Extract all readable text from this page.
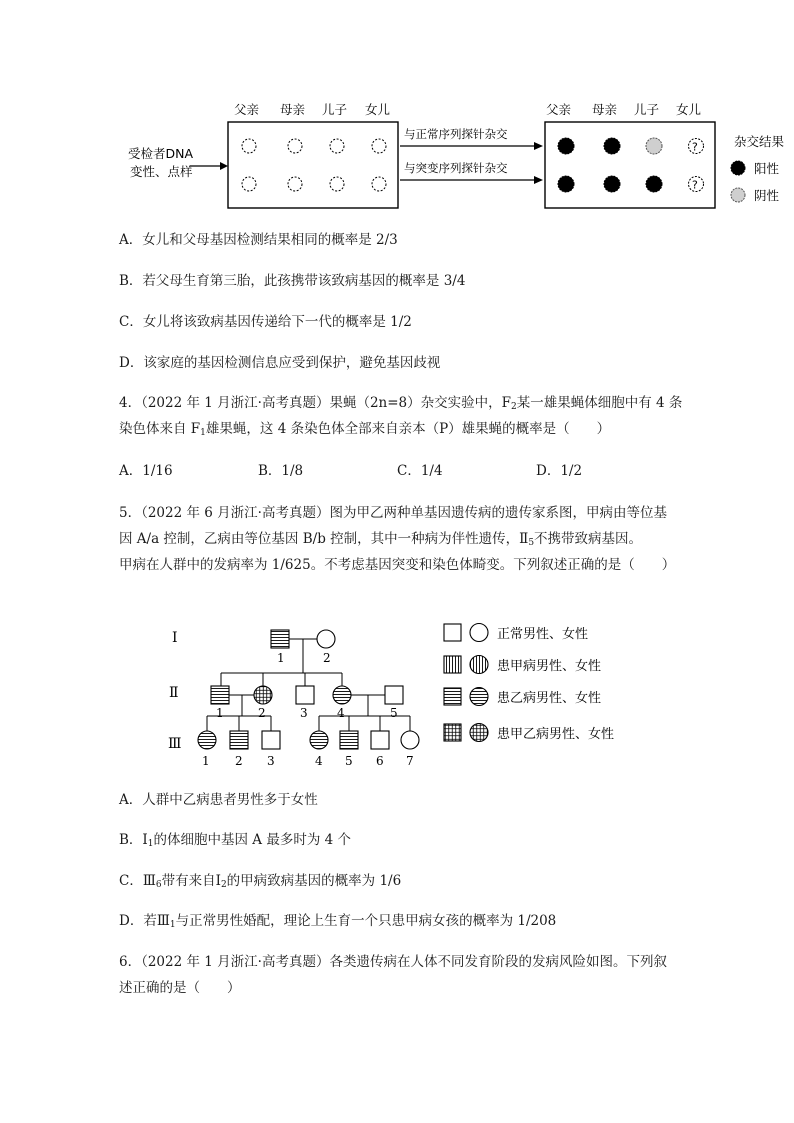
受检者DNA
变性、点样
父亲 母亲 儿子 女儿
与正常序列探针杂交
与突变序列探针杂交
父亲 母亲 儿子 女儿
?
?
杂交结果
阳性
阴性
A．女儿和父母基因检测结果相同的概率是 2/3
B．若父母生育第三胎，此孩携带该致病基因的概率是 3/4
C．女儿将该致病基因传递给下一代的概率是 1/2
D．该家庭的基因检测信息应受到保护，避免基因歧视
4．（2022 年 1 月浙江·高考真题）果蝇（2n=8）杂交实验中，$F_2$某一雄果蝇体细胞中有 4 条
染色体来自 $F_1$雄果蝇，这 4 条染色体全部来自亲本（P）雄果蝇的概率是（　　）
A．1/16	B．1/8	C．1/4	D．1/2
5．（2022 年 6 月浙江·高考真题）图为甲乙两种单基因遗传病的遗传家系图，甲病由等位基
因 A/a 控制，乙病由等位基因 B/b 控制，其中一种病为伴性遗传，$Ⅱ_5$不携带致病基因。
甲病在人群中的发病率为 1/625。不考虑基因突变和染色体畸变。下列叙述正确的是（　　）
Ⅰ
Ⅱ
Ⅲ
1	2
1	2	3 4	5
1 2 3	4 5 6 7
正常男性、女性
患甲病男性、女性
患乙病男性、女性
患甲乙病男性、女性
A．人群中乙病患者男性多于女性
B．$Ⅰ_1$的体细胞中基因 A 最多时为 4 个
C．$Ⅲ_6$带有来自$Ⅰ_2$的甲病致病基因的概率为 1/6
D．若$Ⅲ_1$与正常男性婚配，理论上生育一个只患甲病女孩的概率为 1/208
6．（2022 年 1 月浙江·高考真题）各类遗传病在人体不同发育阶段的发病风险如图。下列叙
述正确的是（　　）
